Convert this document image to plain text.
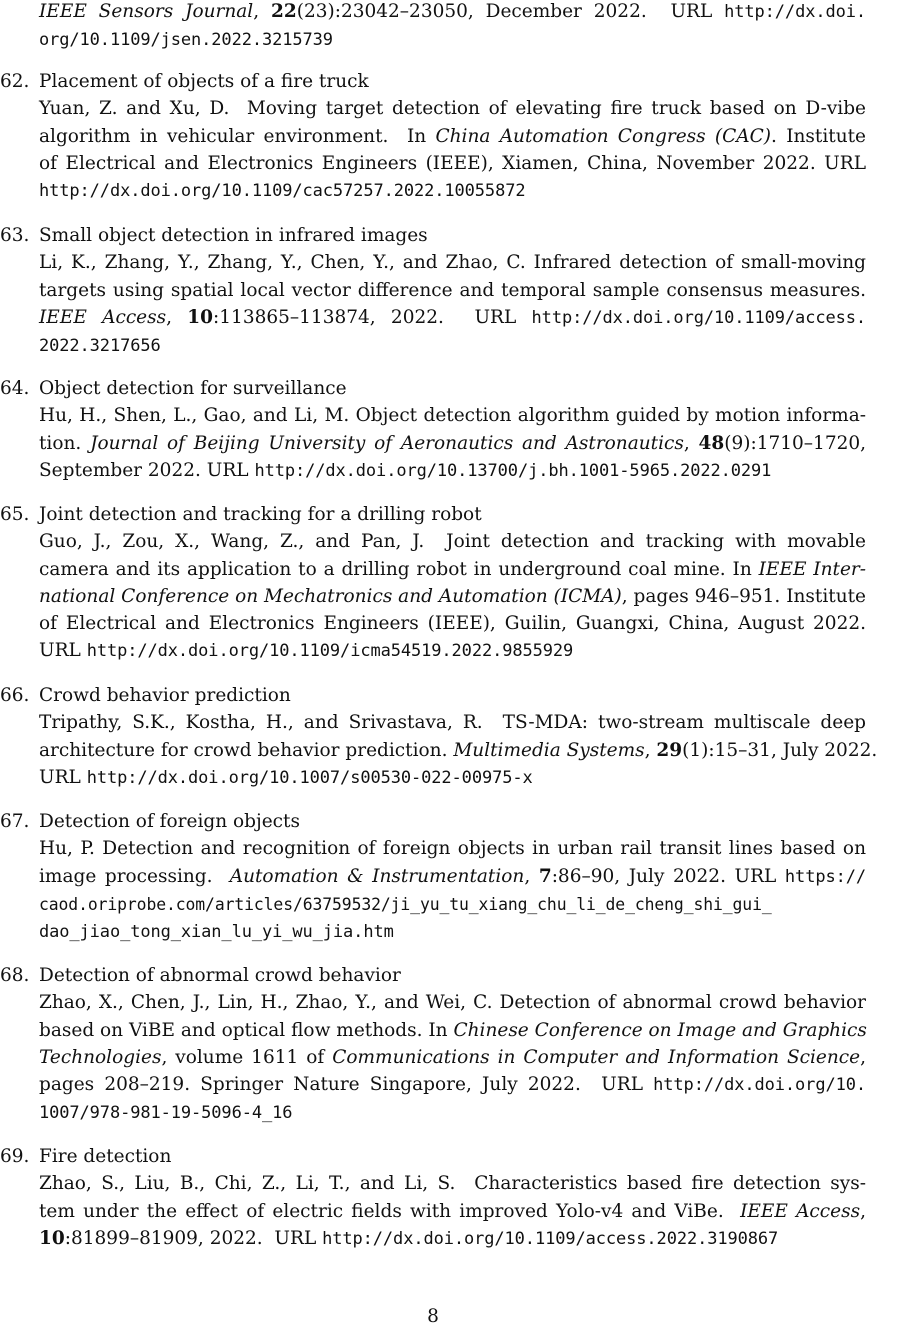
IEEE Sensors Journal, 22(23):23042–23050, December 2022.  URL http://dx.doi.
org/10.1109/jsen.2022.3215739
62. Placement of objects of a fire truck
Yuan, Z. and Xu, D.  Moving target detection of elevating fire truck based on D-vibe
algorithm in vehicular environment.  In China Automation Congress (CAC). Institute
of Electrical and Electronics Engineers (IEEE), Xiamen, China, November 2022. URL
http://dx.doi.org/10.1109/cac57257.2022.10055872
63. Small object detection in infrared images
Li, K., Zhang, Y., Zhang, Y., Chen, Y., and Zhao, C. Infrared detection of small-moving
targets using spatial local vector difference and temporal sample consensus measures.
IEEE Access, 10:113865–113874, 2022.  URL http://dx.doi.org/10.1109/access.
2022.3217656
64. Object detection for surveillance
Hu, H., Shen, L., Gao, and Li, M. Object detection algorithm guided by motion informa-
tion. Journal of Beijing University of Aeronautics and Astronautics, 48(9):1710–1720,
September 2022. URL http://dx.doi.org/10.13700/j.bh.1001-5965.2022.0291
65. Joint detection and tracking for a drilling robot
Guo, J., Zou, X., Wang, Z., and Pan, J.  Joint detection and tracking with movable
camera and its application to a drilling robot in underground coal mine. In IEEE Inter-
national Conference on Mechatronics and Automation (ICMA), pages 946–951. Institute
of Electrical and Electronics Engineers (IEEE), Guilin, Guangxi, China, August 2022.
URL http://dx.doi.org/10.1109/icma54519.2022.9855929
66. Crowd behavior prediction
Tripathy, S.K., Kostha, H., and Srivastava, R.  TS-MDA: two-stream multiscale deep
architecture for crowd behavior prediction. Multimedia Systems, 29(1):15–31, July 2022.
URL http://dx.doi.org/10.1007/s00530-022-00975-x
67. Detection of foreign objects
Hu, P. Detection and recognition of foreign objects in urban rail transit lines based on
image processing.  Automation & Instrumentation, 7:86–90, July 2022. URL https://
caod.oriprobe.com/articles/63759532/ji_yu_tu_xiang_chu_li_de_cheng_shi_gui_
dao_jiao_tong_xian_lu_yi_wu_jia.htm
68. Detection of abnormal crowd behavior
Zhao, X., Chen, J., Lin, H., Zhao, Y., and Wei, C. Detection of abnormal crowd behavior
based on ViBE and optical flow methods. In Chinese Conference on Image and Graphics
Technologies, volume 1611 of Communications in Computer and Information Science,
pages 208–219. Springer Nature Singapore, July 2022.  URL http://dx.doi.org/10.
1007/978-981-19-5096-4_16
69. Fire detection
Zhao, S., Liu, B., Chi, Z., Li, T., and Li, S.  Characteristics based fire detection sys-
tem under the effect of electric fields with improved Yolo-v4 and ViBe.  IEEE Access,
10:81899–81909, 2022.  URL http://dx.doi.org/10.1109/access.2022.3190867
8
